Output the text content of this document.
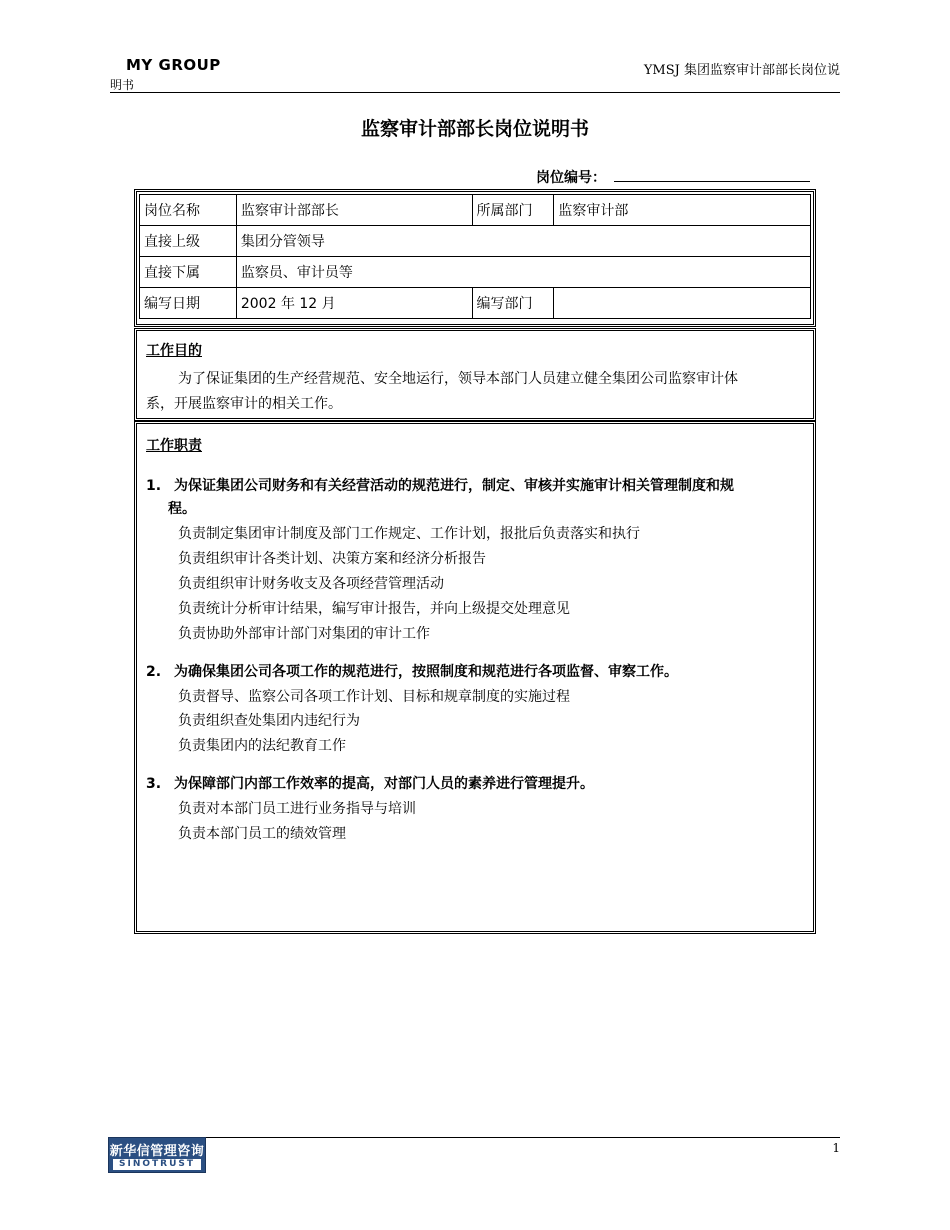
MY GROUP	YMSJ 集团监察审计部部长岗位说
明书
监察审计部部长岗位说明书
岗位编号：
岗位名称	监察审计部部长	所属部门	监察审计部
直接上级	集团分管领导		
直接下属	监察员、审计员等		
编写日期	2002 年 12 月	编写部门	
工作目的
为了保证集团的生产经营规范、安全地运行，领导本部门人员建立健全集团公司监察审计体
系，开展监察审计的相关工作。
工作职责
1. 为保证集团公司财务和有关经营活动的规范进行，制定、审核并实施审计相关管理制度和规
程。
负责制定集团审计制度及部门工作规定、工作计划，报批后负责落实和执行
负责组织审计各类计划、决策方案和经济分析报告
负责组织审计财务收支及各项经营管理活动
负责统计分析审计结果，编写审计报告，并向上级提交处理意见
负责协助外部审计部门对集团的审计工作
2. 为确保集团公司各项工作的规范进行，按照制度和规范进行各项监督、审察工作。
负责督导、监察公司各项工作计划、目标和规章制度的实施过程
负责组织查处集团内违纪行为
负责集团内的法纪教育工作
3. 为保障部门内部工作效率的提高，对部门人员的素养进行管理提升。
负责对本部门员工进行业务指导与培训
负责本部门员工的绩效管理
新华信管理咨询
SINOTRUST
1
